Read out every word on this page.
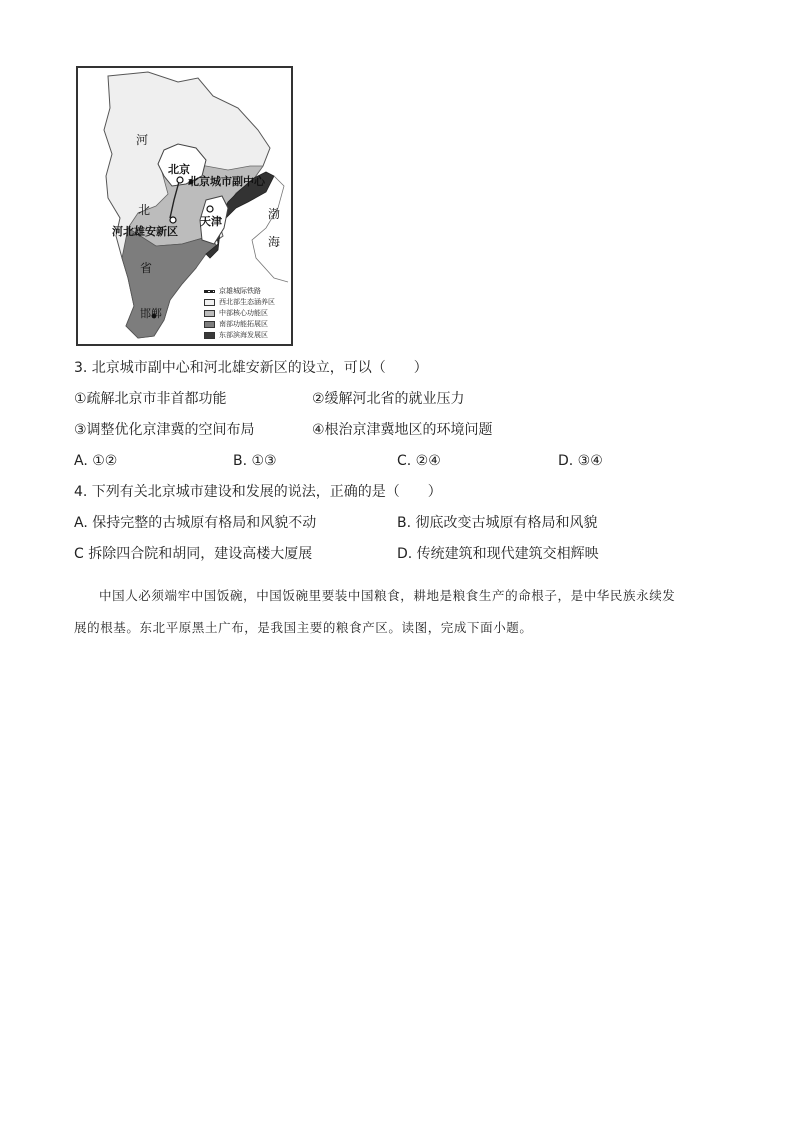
河
北
省
北京
北京城市副中心
天津
河北雄安新区
渤
海
邯郸
京雄城际铁路
西北部生态涵养区
中部核心功能区
南部功能拓展区
东部滨海发展区
3. 北京城市副中心和河北雄安新区的设立，可以（　　）
①疏解北京市非首都功能	②缓解河北省的就业压力
③调整优化京津冀的空间布局	④根治京津冀地区的环境问题
A. ①②	B. ①③	C. ②④	D. ③④
4. 下列有关北京城市建设和发展的说法，正确的是（　　）
A. 保持完整的古城原有格局和风貌不动	B. 彻底改变古城原有格局和风貌
C 拆除四合院和胡同，建设高楼大厦展	D. 传统建筑和现代建筑交相辉映
中国人必须端牢中国饭碗，中国饭碗里要装中国粮食，耕地是粮食生产的命根子，是中华民族永续发
展的根基。东北平原黑土广布，是我国主要的粮食产区。读图，完成下面小题。
